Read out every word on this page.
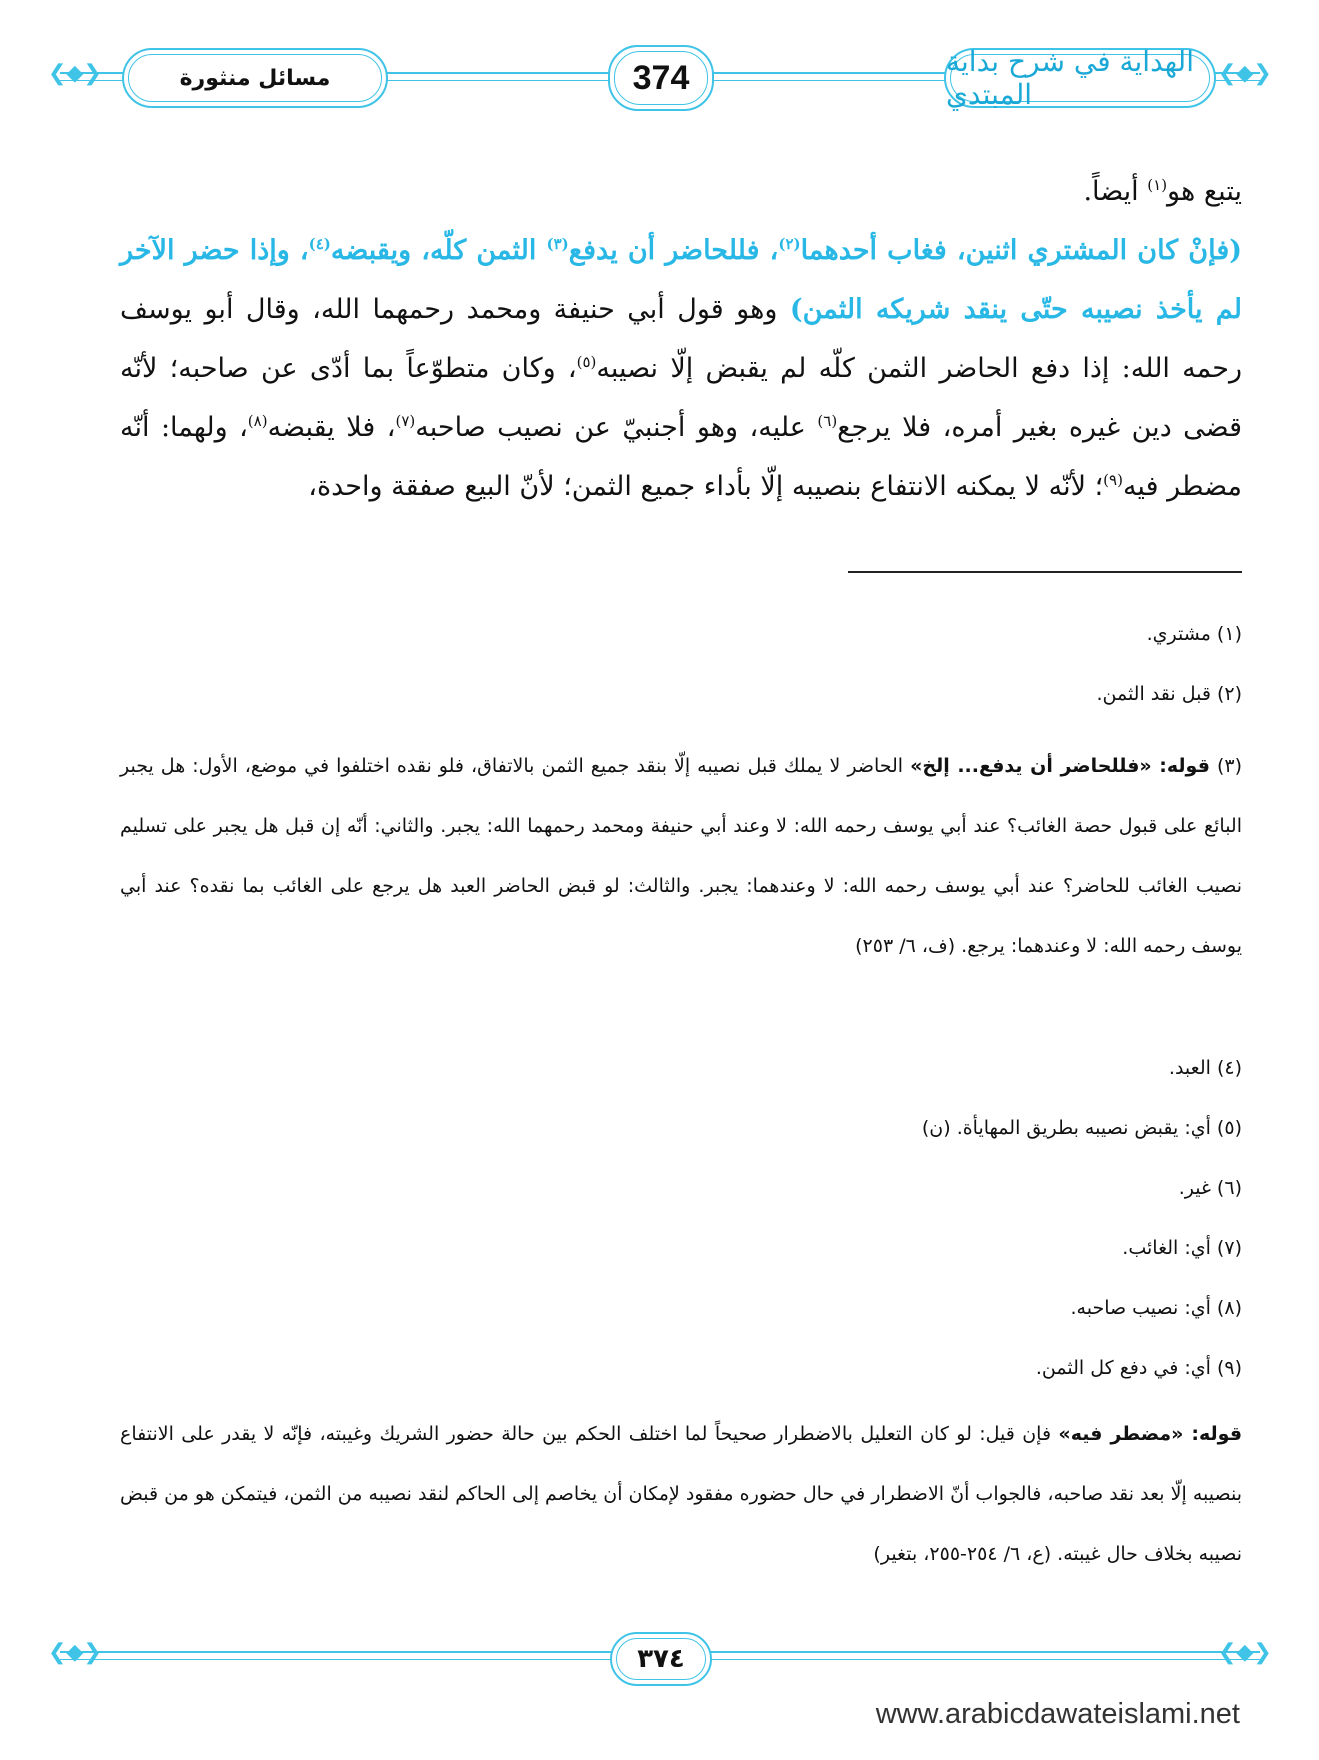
❮◆❯	❮◆❯
مسائل منثورة	374	الهداية في شرح بداية المبتدي
يتبع هو$^{(١)}$ أيضاً.
(فإنْ كان المشتري اثنين، فغاب أحدهما$^{(٢)}$، فللحاضر أن يدفع$^{(٣)}$ الثمن كلّه، ويقبضه$^{(٤)}$، وإذا حضر الآخر لم يأخذ نصيبه حتّى ينقد شريكه الثمن) وهو قول أبي حنيفة ومحمد رحمهما الله، وقال أبو يوسف رحمه الله: إذا دفع الحاضر الثمن كلّه لم يقبض إلّا نصيبه$^{(٥)}$، وكان متطوّعاً بما أدّى عن صاحبه؛ لأنّه قضى دين غيره بغير أمره، فلا يرجع$^{(٦)}$ عليه، وهو أجنبيّ عن نصيب صاحبه$^{(٧)}$، فلا يقبضه$^{(٨)}$، ولهما: أنّه مضطر فيه$^{(٩)}$؛ لأنّه لا يمكنه الانتفاع بنصيبه إلّا بأداء جميع الثمن؛ لأنّ البيع صفقة واحدة،
(١) مشتري.
(٢) قبل نقد الثمن.
(٣) قوله: «فللحاضر أن يدفع... إلخ» الحاضر لا يملك قبل نصيبه إلّا بنقد جميع الثمن بالاتفاق، فلو نقده اختلفوا في موضع، الأول: هل يجبر البائع على قبول حصة الغائب؟ عند أبي يوسف رحمه الله: لا وعند أبي حنيفة ومحمد رحمهما الله: يجبر. والثاني: أنّه إن قبل هل يجبر على تسليم نصيب الغائب للحاضر؟ عند أبي يوسف رحمه الله: لا وعندهما: يجبر. والثالث: لو قبض الحاضر العبد هل يرجع على الغائب بما نقده؟ عند أبي يوسف رحمه الله: لا وعندهما: يرجع. (ف، ٦/ ٢٥٣)
(٤) العبد.
(٥) أي: يقبض نصيبه بطريق المهايأة. (ن)
(٦) غير.
(٧) أي: الغائب.
(٨) أي: نصيب صاحبه.
(٩) أي: في دفع كل الثمن.
قوله: «مضطر فيه» فإن قيل: لو كان التعليل بالاضطرار صحيحاً لما اختلف الحكم بين حالة حضور الشريك وغيبته، فإنّه لا يقدر على الانتفاع بنصيبه إلّا بعد نقد صاحبه، فالجواب أنّ الاضطرار في حال حضوره مفقود لإمكان أن يخاصم إلى الحاكم لنقد نصيبه من الثمن، فيتمكن هو من قبض نصيبه بخلاف حال غيبته. (ع، ٦/ ٢٥٤-٢٥٥، بتغير)
❮◆❯	❮◆❯
٣٧٤
www.arabicdawateislami.net
